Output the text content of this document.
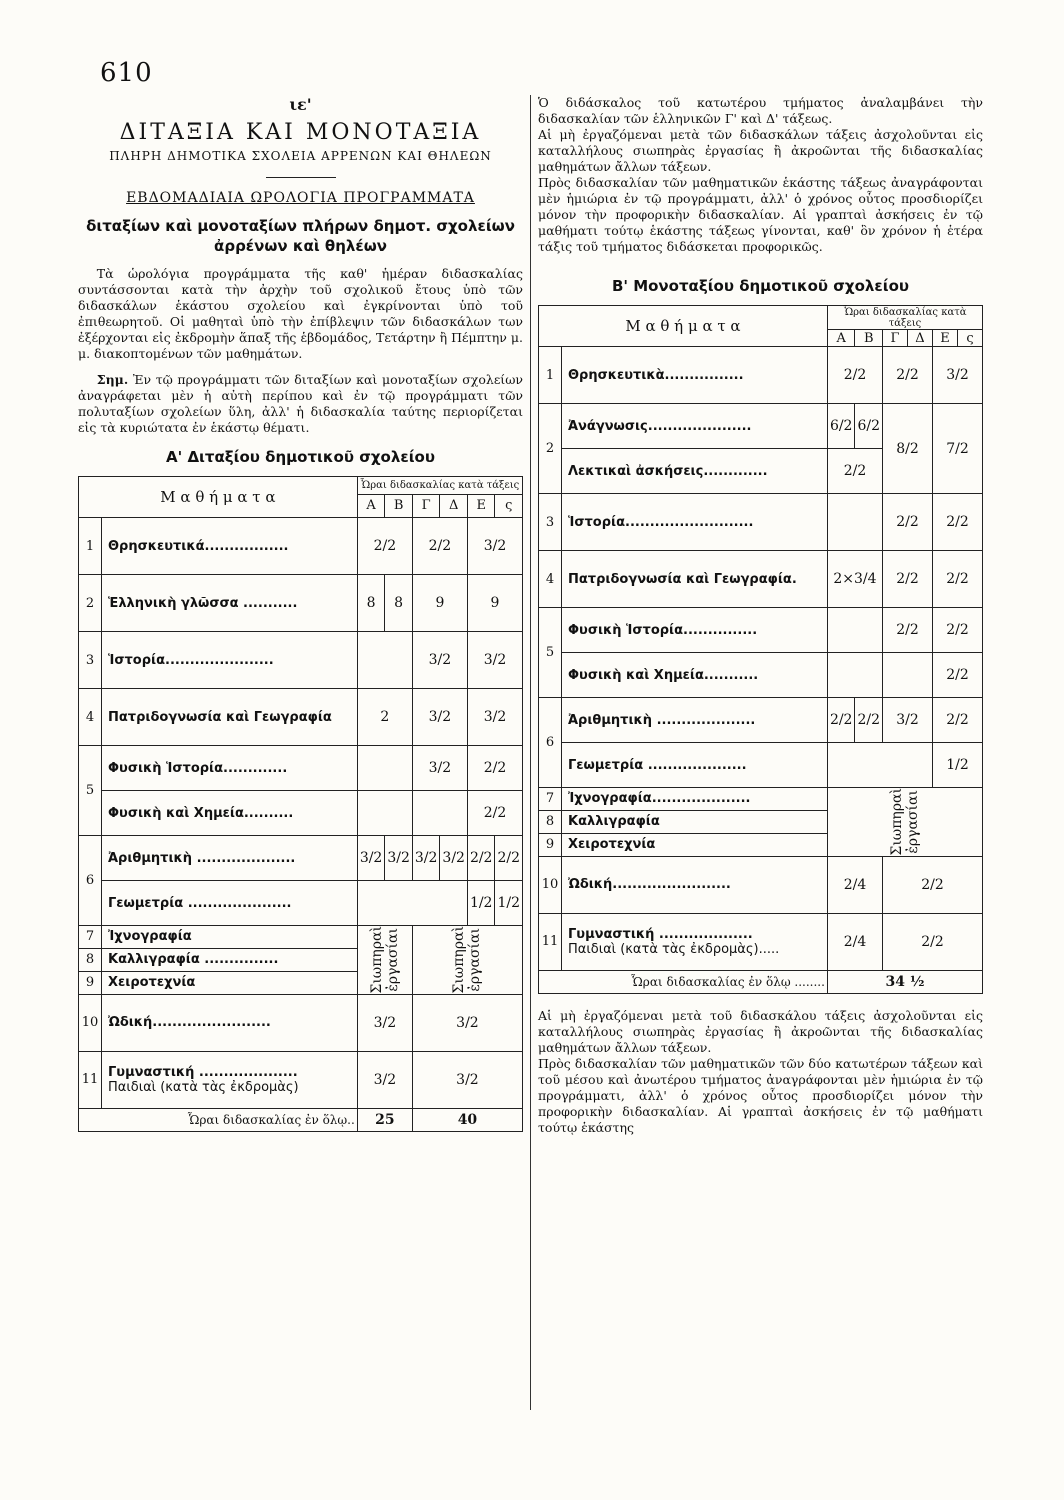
610
ιε'
ΔΙΤΑΞΙΑ ΚΑΙ ΜΟΝΟΤΑΞΙΑ
ΠΛΗΡΗ ΔΗΜΟΤΙΚΑ ΣΧΟΛΕΙΑ ΑΡΡΕΝΩΝ ΚΑΙ ΘΗΛΕΩΝ
ΕΒΔΟΜΑΔΙΑΙΑ ΩΡΟΛΟΓΙΑ ΠΡΟΓΡΑΜΜΑΤΑ
διταξίων καὶ μονοταξίων πλήρων δημοτ. σχολείων ἀρρένων καὶ θηλέων

Τὰ ὡρολόγια προγράμματα τῆς καθ' ἡμέραν διδασκαλίας συντάσσονται κατὰ τὴν ἀρχὴν τοῦ σχολικοῦ ἔτους ὑπὸ τῶν διδασκάλων ἑκάστου σχολείου καὶ ἐγκρίνονται ὑπὸ τοῦ ἐπιθεωρητοῦ. Οἱ μαθηταὶ ὑπὸ τὴν ἐπίβλεψιν τῶν διδασκάλων των ἐξέρχονται εἰς ἐκδρομὴν ἅπαξ τῆς ἑβδομάδος, Τετάρτην ἢ Πέμπτην μ. μ. διακοπτομένων τῶν μαθημάτων.

Σημ. Ἐν τῷ προγράμματι τῶν διταξίων καὶ μονοταξίων σχολείων ἀναγράφεται μὲν ἡ αὐτὴ περίπου καὶ ἐν τῷ προγράμματι τῶν πολυταξίων σχολείων ὕλη, ἀλλ' ἡ διδασκαλία ταύτης περιορίζεται εἰς τὰ κυριώτατα ἐν ἑκάστῳ θέματι.

Α' Διταξίου δημοτικοῦ σχολείου
Μ α θ ή μ α τ α		Ὧραι διδασκαλίας κατὰ τάξεις					
		Α	Β	Γ	Δ	Ε	ς
1	Θρησκευτικά.................	2/2		2/2		3/2	
2	Ἑλληνικὴ γλῶσσα ...........	8	8	9		9	
3	Ἱστορία......................			3/2		3/2	
4	Πατριδογνωσία καὶ Γεωγραφία	2		3/2		3/2	
5	Φυσικὴ Ἱστορία.............			3/2		2/2	
	Φυσικὴ καὶ Χημεία..........					2/2	
6	Ἀριθμητικὴ ....................	3/2	3/2	3/2	3/2	2/2	2/2
	Γεωμετρία .....................					1/2	1/2
7	Ἰχνογραφία	Σιωπηραὶ ἐργασίαι		Σιωπηραὶ ἐργασίαι			

8	Καλλιγραφία ...............						
9	Χειροτεχνία						
10	Ὠδική........................	3/2		3/2			
11	Γυμναστική ....................
Παιδιαὶ (κατὰ τὰς ἐκδρομὰς)	3/2		3/2			
Ὧραι διδασκαλίας ἐν ὅλῳ..		25		40			

Ὁ διδάσκαλος τοῦ κατωτέρου τμήματος ἀναλαμβάνει τὴν διδασκαλίαν τῶν ἑλληνικῶν Γ' καὶ Δ' τάξεως.

Αἱ μὴ ἐργαζόμεναι μετὰ τῶν διδασκάλων τάξεις ἀσχολοῦνται εἰς καταλλήλους σιωπηρὰς ἐργασίας ἢ ἀκροῶνται τῆς διδασκαλίας μαθημάτων ἄλλων τάξεων.

Πρὸς διδασκαλίαν τῶν μαθηματικῶν ἑκάστης τάξεως ἀναγράφονται μὲν ἡμιώρια ἐν τῷ προγράμματι, ἀλλ' ὁ χρόνος οὗτος προσδιορίζει μόνον τὴν προφορικὴν διδασκαλίαν. Αἱ γραπταὶ ἀσκήσεις ἐν τῷ μαθήματι τούτῳ ἑκάστης τάξεως γίνονται, καθ' ὃν χρόνον ἡ ἑτέρα τάξις τοῦ τμήματος διδάσκεται προφορικῶς.

Β' Μονοταξίου δημοτικοῦ σχολείου
Μ α θ ή μ α τ α		Ὧραι διδασκαλίας κατὰ τάξεις					
		Α	Β	Γ	Δ	Ε	ς
1	Θρησκευτικὰ................	2/2		2/2		3/2	
2	Ἀνάγνωσις.....................	6/2	6/2	8/2		7/2	
	Λεκτικαὶ ἀσκήσεις.............	2/2					
3	Ἱστορία..........................			2/2		2/2	
4	Πατριδογνωσία καὶ Γεωγραφία.	2×3/4		2/2		2/2	
5	Φυσικὴ Ἱστορία...............			2/2		2/2	
	Φυσικὴ καὶ Χημεία...........					2/2	
6	Ἀριθμητικὴ ....................	2/2	2/2	3/2		2/2	
	Γεωμετρία ....................					1/2	
7	Ἰχνογραφία....................	Σιωπηραὶ ἐργασίαι					

8	Καλλιγραφία						
9	Χειροτεχνία						
10	Ὠδική........................	2/4		2/2			
11	Γυμναστική ...................
Παιδιαὶ (κατὰ τὰς ἐκδρομὰς).....	2/4		2/2			
Ὧραι διδασκαλίας ἐν ὅλῳ ........		34 ½					

Αἱ μὴ ἐργαζόμεναι μετὰ τοῦ διδασκάλου τάξεις ἀσχολοῦνται εἰς καταλλήλους σιωπηρὰς ἐργασίας ἢ ἀκροῶνται τῆς διδασκαλίας μαθημάτων ἄλλων τάξεων.

Πρὸς διδασκαλίαν τῶν μαθηματικῶν τῶν δύο κατωτέρων τάξεων καὶ τοῦ μέσου καὶ ἀνωτέρου τμήματος ἀναγράφονται μὲν ἡμιώρια ἐν τῷ προγράμματι, ἀλλ' ὁ χρόνος οὗτος προσδιορίζει μόνον τὴν προφορικὴν διδασκαλίαν. Αἱ γραπταὶ ἀσκήσεις ἐν τῷ μαθήματι τούτῳ ἑκάστης
